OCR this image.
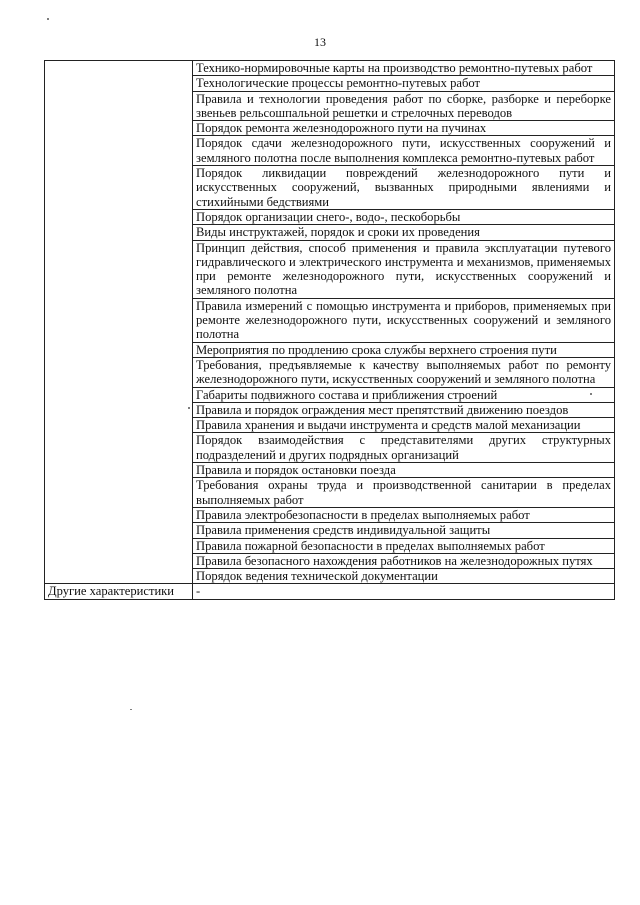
13
	Технико-нормировочные карты на производство ремонтно-путевых работ
	Технологические процессы ремонтно-путевых работ
	Правила и технологии проведения работ по сборке, разборке и переборке звеньев рельсошпальной решетки и стрелочных переводов
	Порядок ремонта железнодорожного пути на пучинах
	Порядок сдачи железнодорожного пути, искусственных сооружений и земляного полотна после выполнения комплекса ремонтно-путевых работ
	Порядок ликвидации повреждений железнодорожного пути и искусственных сооружений, вызванных природными явлениями и стихийными бедствиями
	Порядок организации снего-, водо-, пескоборьбы
	Виды инструктажей, порядок и сроки их проведения
	Принцип действия, способ применения и правила эксплуатации путевого гидравлического и электрического инструмента и механизмов, применяемых при ремонте железнодорожного пути, искусственных сооружений и земляного полотна
	Правила измерений с помощью инструмента и приборов, применяемых при ремонте железнодорожного пути, искусственных сооружений и земляного полотна
	Мероприятия по продлению срока службы верхнего строения пути
	Требования, предъявляемые к качеству выполняемых работ по ремонту железнодорожного пути, искусственных сооружений и земляного полотна
	Габариты подвижного состава и приближения строений
	Правила и порядок ограждения мест препятствий движению поездов
	Правила хранения и выдачи инструмента и средств малой механизации
	Порядок взаимодействия с представителями других структурных подразделений и других подрядных организаций
	Правила и порядок остановки поезда
	Требования охраны труда и производственной санитарии в пределах выполняемых работ
	Правила электробезопасности в пределах выполняемых работ
	Правила применения средств индивидуальной защиты
	Правила пожарной безопасности в пределах выполняемых работ
	Правила безопасного нахождения работников на железнодорожных путях
	Порядок ведения технической документации
Другие характеристики	-
